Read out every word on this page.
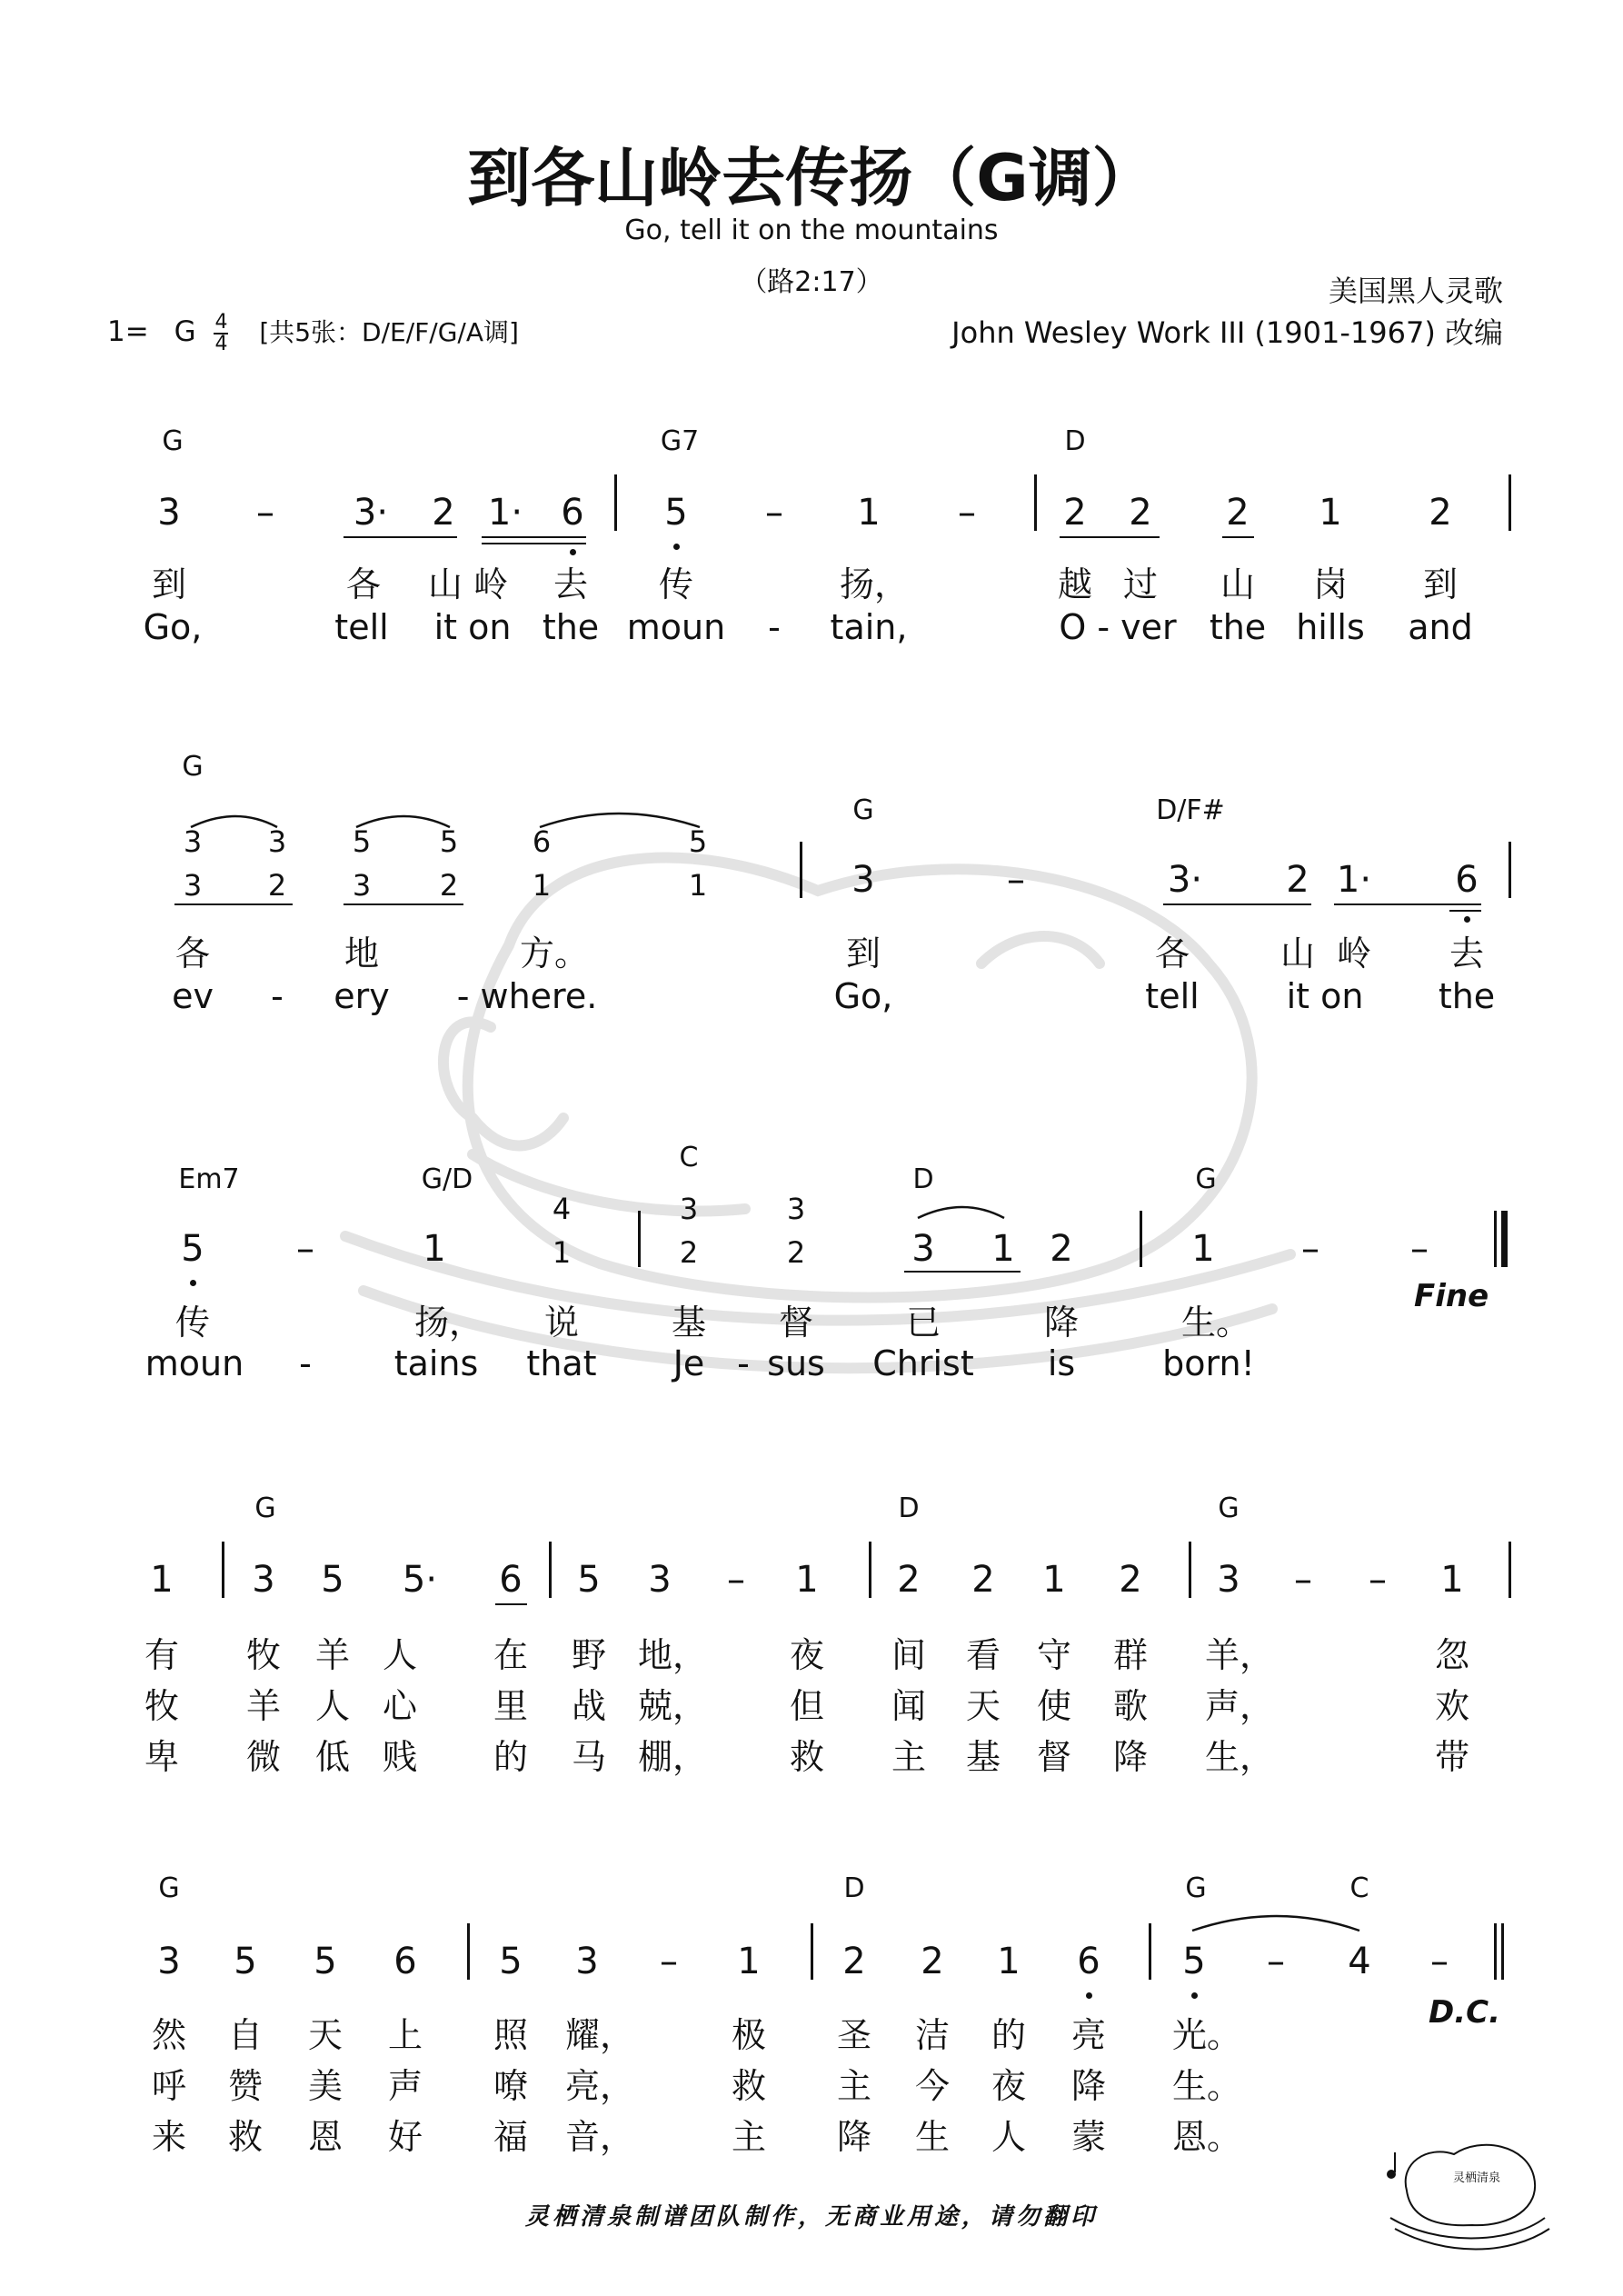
到各山岭去传扬（G调）
Go, tell it on the mountains
（路2:17）	美国黑人灵歌
John Wesley Work III (1901-1967) 改编
1= G $\frac{4}{4}$ [共5张：D/E/F/G/A调]
G	G7	D
3 – 3· 2 1· 6 5 – 1 – 2 2 2 1 2
到	各 山 岭 去 传	扬，	越 过 山 岗 到
Go,	tell it on the moun - tain,	O - ver the hills and
G
G	D/F#
3 3 5 5	6	5
3 2 3 2	1	1	3	–	3· 2 1· 6
各	地	方。	到	各	山 岭 去
ev - ery - where.	Go,	tell	it on the
Em7	G/D
C
D	G
5	–	1
4
1
3
2
3
2	3 1 2	1 –	–
Fine
传	扬， 说	基 督	已	降	生。
moun - tains that Je - sus Christ is	born!
G	D	G
1 3 5 5· 6 5 3 – 1 2 2 1 2 3 – – 1
有 牧 羊 人 在 野 地， 夜 间 看 守 群 羊，	忽
牧 羊 人 心 里 战 兢， 但 闻 天 使 歌 声，	欢
卑 微 低 贱 的 马 棚， 救 主 基 督 降 生，	带
G	D	G	C
3 5 5 6 5 3 – 1 2 2 1 6 5 – 4 –
D.C.
然 自 天 上 照 耀，	极 圣 洁 的 亮 光。
呼 赞 美 声 嘹 亮，	救 主 今 夜 降 生。
来 救 恩 好 福 音，	主 降 生 人 蒙 恩。
灵栖清泉制谱团队制作，无商业用途，请勿翻印
灵栖清泉
